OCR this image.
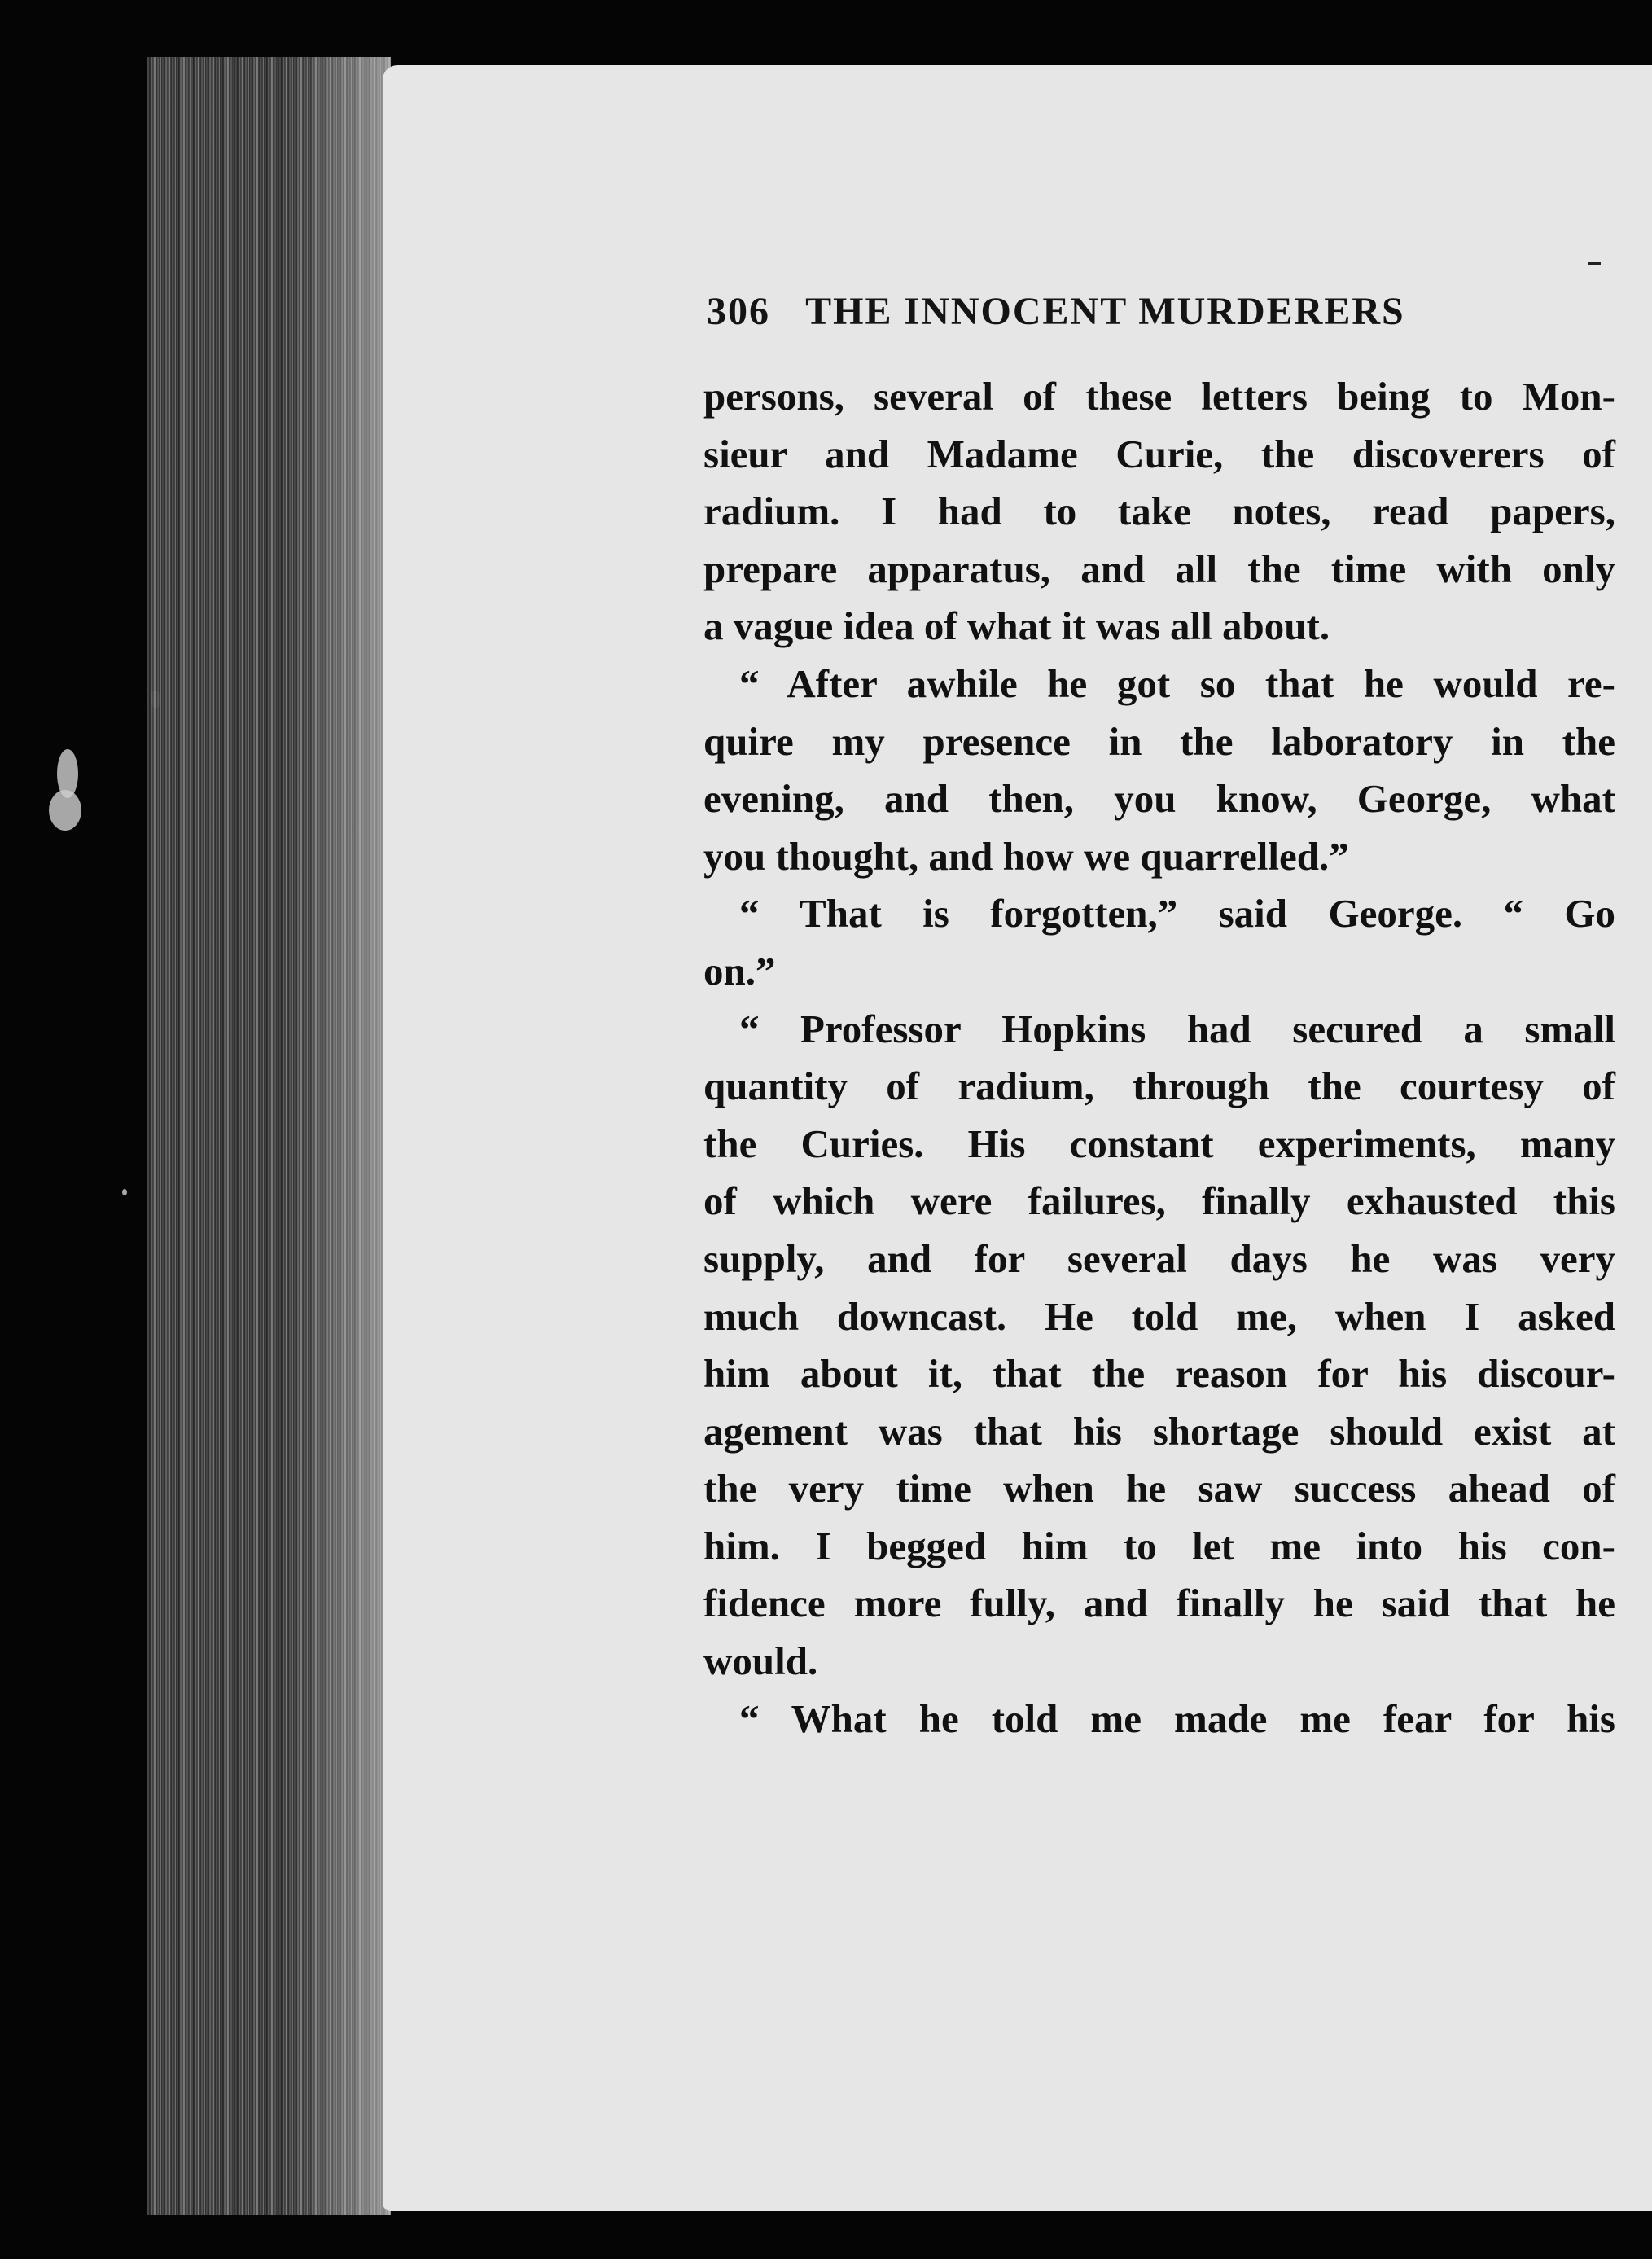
306 THE INNOCENT MURDERERS
persons, several of these letters being to Mon-
sieur and Madame Curie, the discoverers of
radium. I had to take notes, read papers,
prepare apparatus, and all the time with only
a vague idea of what it was all about.
“ After awhile he got so that he would re-
quire my presence in the laboratory in the
evening, and then, you know, George, what
you thought, and how we quarrelled.”
“ That is forgotten,” said George. “ Go
on.”
“ Professor Hopkins had secured a small
quantity of radium, through the courtesy of
the Curies. His constant experiments, many
of which were failures, finally exhausted this
supply, and for several days he was very
much downcast. He told me, when I asked
him about it, that the reason for his discour-
agement was that his shortage should exist at
the very time when he saw success ahead of
him. I begged him to let me into his con-
fidence more fully, and finally he said that he
would.
“ What he told me made me fear for his
